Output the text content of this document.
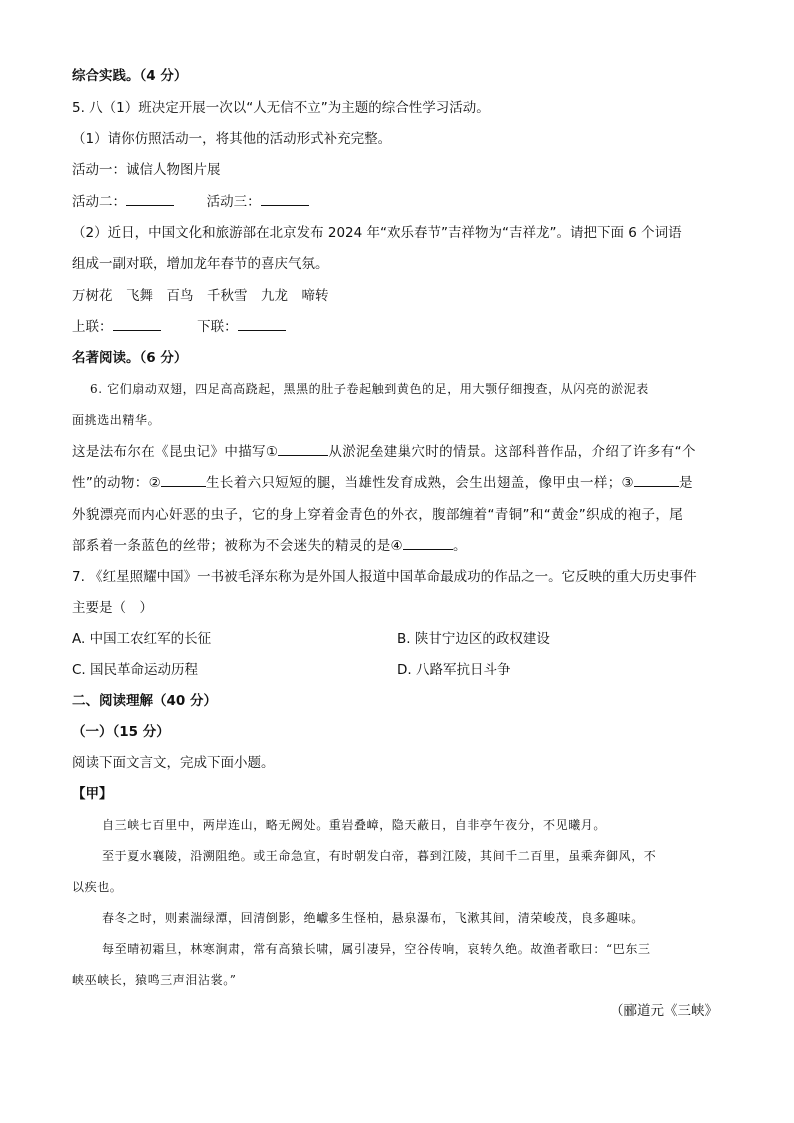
综合实践。（4 分）
5. 八（1）班决定开展一次以“人无信不立”为主题的综合性学习活动。
（1）请你仿照活动一，将其他的活动形式补充完整。
活动一：诚信人物图片展
活动二：	活动三：
（2）近日，中国文化和旅游部在北京发布 2024 年“欢乐春节”吉祥物为“吉祥龙”。请把下面 6 个词语
组成一副对联，增加龙年春节的喜庆气氛。
万树花　飞舞　百鸟　千秋雪　九龙　啼转
上联：	下联：
名著阅读。（6 分）
6. 它们扇动双翅，四足高高跷起，黑黑的肚子卷起触到黄色的足，用大颚仔细搜查，从闪亮的淤泥表
面挑选出精华。
这是法布尔在《昆虫记》中描写①	从淤泥垒建巢穴时的情景。这部科普作品，介绍了许多有“个
性”的动物：②	生长着六只短短的腿，当雄性发育成熟，会生出翅盖，像甲虫一样；③	是
外貌漂亮而内心奸恶的虫子，它的身上穿着金青色的外衣，腹部缠着“青铜”和“黄金”织成的袍子，尾
部系着一条蓝色的丝带；被称为不会迷失的精灵的是④	。
7. 《红星照耀中国》一书被毛泽东称为是外国人报道中国革命最成功的作品之一。它反映的重大历史事件
主要是（　）
A. 中国工农红军的长征	B. 陕甘宁边区的政权建设
C. 国民革命运动历程	D. 八路军抗日斗争
二、阅读理解（40 分）
（一）（15 分）
阅读下面文言文，完成下面小题。
【甲】
自三峡七百里中，两岸连山，略无阙处。重岩叠嶂，隐天蔽日，自非亭午夜分，不见曦月。
至于夏水襄陵，沿溯阻绝。或王命急宣，有时朝发白帝，暮到江陵，其间千二百里，虽乘奔御风，不
以疾也。
春冬之时，则素湍绿潭，回清倒影，绝巘多生怪柏，悬泉瀑布，飞漱其间，清荣峻茂，良多趣味。
每至晴初霜旦，林寒涧肃，常有高猿长啸，属引凄异，空谷传响，哀转久绝。故渔者歌曰：“巴东三
峡巫峡长，猿鸣三声泪沾裳。”
（郦道元《三峡》
